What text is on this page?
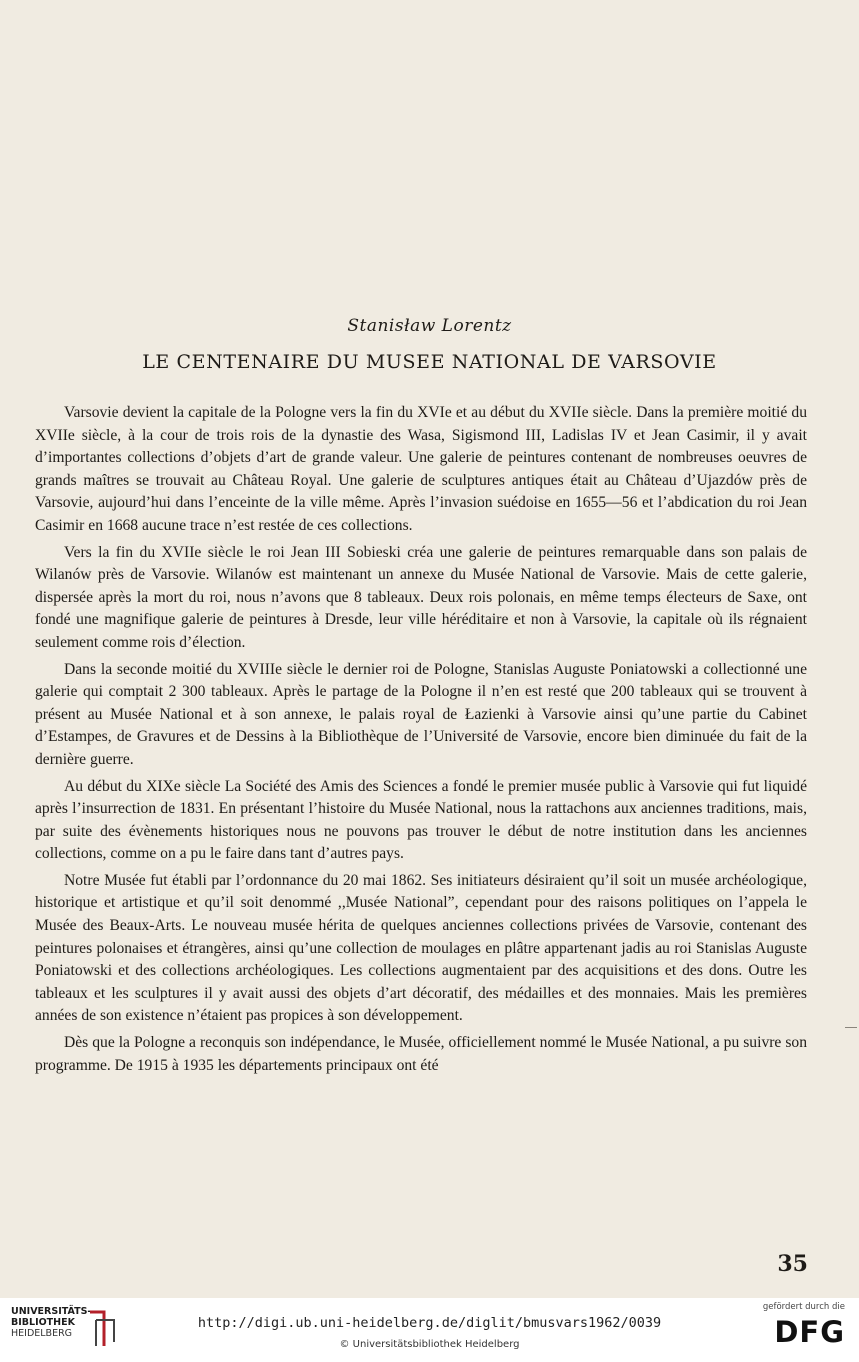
Stanisław Lorentz
LE CENTENAIRE DU MUSEE NATIONAL DE VARSOVIE

Varsovie devient la capitale de la Pologne vers la fin du XVIe et au début du XVIIe siècle. Dans la première moitié du XVIIe siècle, à la cour de trois rois de la dynastie des Wasa, Sigismond III, Ladislas IV et Jean Casimir, il y avait d’importantes collections d’objets d’art de grande valeur. Une galerie de peintures contenant de nombreuses oeuvres de grands maîtres se trouvait au Château Royal. Une galerie de sculptures antiques était au Château d’Ujazdów près de Varsovie, aujourd’hui dans l’enceinte de la ville même. Après l’invasion suédoise en 1655—56 et l’abdication du roi Jean Casimir en 1668 aucune trace n’est restée de ces collections.

Vers la fin du XVIIe siècle le roi Jean III Sobieski créa une galerie de peintures remarquable dans son palais de Wilanów près de Varsovie. Wilanów est maintenant un annexe du Musée National de Varsovie. Mais de cette galerie, dispersée après la mort du roi, nous n’avons que 8 tableaux. Deux rois polonais, en même temps électeurs de Saxe, ont fondé une magnifique galerie de peintures à Dresde, leur ville héréditaire et non à Varsovie, la capitale où ils régnaient seulement comme rois d’élection.

Dans la seconde moitié du XVIIIe siècle le dernier roi de Pologne, Stanislas Auguste Poniatowski a collectionné une galerie qui comptait 2 300 tableaux. Après le partage de la Pologne il n’en est resté que 200 tableaux qui se trouvent à présent au Musée National et à son annexe, le palais royal de Łazienki à Varsovie ainsi qu’une partie du Cabinet d’Estampes, de Gravures et de Dessins à la Bibliothèque de l’Université de Varsovie, encore bien diminuée du fait de la dernière guerre.

Au début du XIXe siècle La Société des Amis des Sciences a fondé le premier musée public à Varsovie qui fut liquidé après l’insurrection de 1831. En présentant l’histoire du Musée National, nous la rattachons aux anciennes traditions, mais, par suite des évènements historiques nous ne pouvons pas trouver le début de notre institution dans les anciennes collections, comme on a pu le faire dans tant d’autres pays.

Notre Musée fut établi par l’ordonnance du 20 mai 1862. Ses initiateurs désiraient qu’il soit un musée archéologique, historique et artistique et qu’il soit denommé ,,Musée National”, cependant pour des raisons politiques on l’appela le Musée des Beaux-Arts. Le nouveau musée hérita de quelques anciennes collections privées de Varsovie, contenant des peintures polonaises et étrangères, ainsi qu’une collection de moulages en plâtre appartenant jadis au roi Stanislas Auguste Poniatowski et des collections archéologiques. Les collections augmentaient par des acquisitions et des dons. Outre les tableaux et les sculptures il y avait aussi des objets d’art décoratif, des médailles et des monnaies. Mais les premières années de son existence n’étaient pas propices à son développement.

Dès que la Pologne a reconquis son indépendance, le Musée, officiellement nommé le Musée National, a pu suivre son programme. De 1915 à 1935 les départements principaux ont été

35
UNIVERSITÄTS-
BIBLIOTHEK
HEIDELBERG
http://digi.ub.uni-heidelberg.de/diglit/bmusvars1962/0039
© Universitätsbibliothek Heidelberg
gefördert durch die
DFG
